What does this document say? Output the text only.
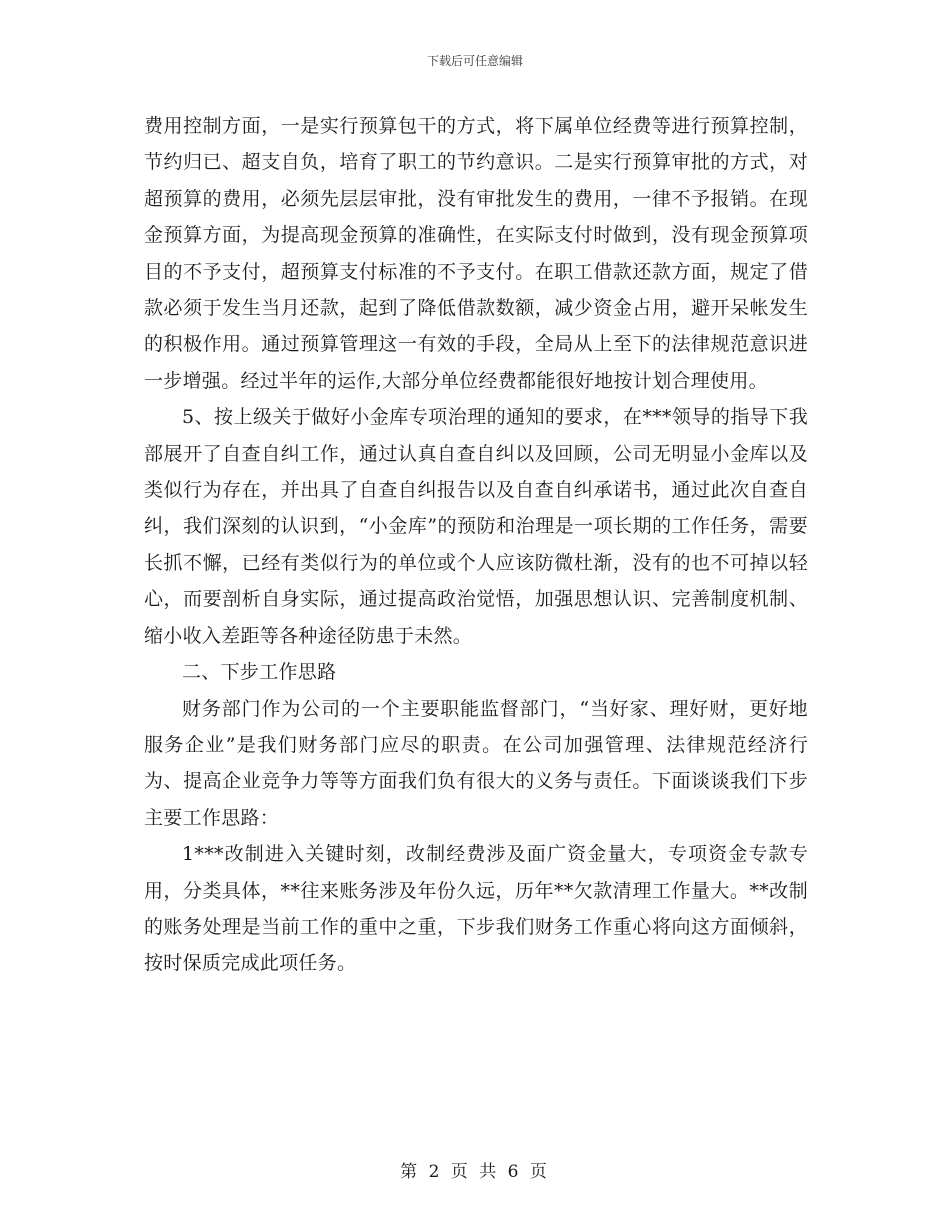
下载后可任意编辑

费用控制方面，一是实行预算包干的方式，将下属单位经费等进行预算控制，节约归已、超支自负，培育了职工的节约意识。二是实行预算审批的方式，对超预算的费用，必须先层层审批，没有审批发生的费用，一律不予报销。在现金预算方面，为提高现金预算的准确性，在实际支付时做到，没有现金预算项目的不予支付，超预算支付标准的不予支付。在职工借款还款方面，规定了借款必须于发生当月还款，起到了降低借款数额，减少资金占用，避开呆帐发生的积极作用。通过预算管理这一有效的手段，全局从上至下的法律规范意识进一步增强。经过半年的运作,大部分单位经费都能很好地按计划合理使用。

5、按上级关于做好小金库专项治理的通知的要求，在***领导的指导下我部展开了自查自纠工作，通过认真自查自纠以及回顾，公司无明显小金库以及类似行为存在，并出具了自查自纠报告以及自查自纠承诺书，通过此次自查自纠，我们深刻的认识到，“小金库”的预防和治理是一项长期的工作任务，需要长抓不懈，已经有类似行为的单位或个人应该防微杜渐，没有的也不可掉以轻心，而要剖析自身实际，通过提高政治觉悟，加强思想认识、完善制度机制、缩小收入差距等各种途径防患于未然。

二、下步工作思路

财务部门作为公司的一个主要职能监督部门，“当好家、理好财，更好地服务企业”是我们财务部门应尽的职责。在公司加强管理、法律规范经济行为、提高企业竞争力等等方面我们负有很大的义务与责任。下面谈谈我们下步主要工作思路：

1***改制进入关键时刻，改制经费涉及面广资金量大，专项资金专款专用，分类具体，**往来账务涉及年份久远，历年**欠款清理工作量大。**改制的账务处理是当前工作的重中之重，下步我们财务工作重心将向这方面倾斜，按时保质完成此项任务。

第 2 页 共 6 页
